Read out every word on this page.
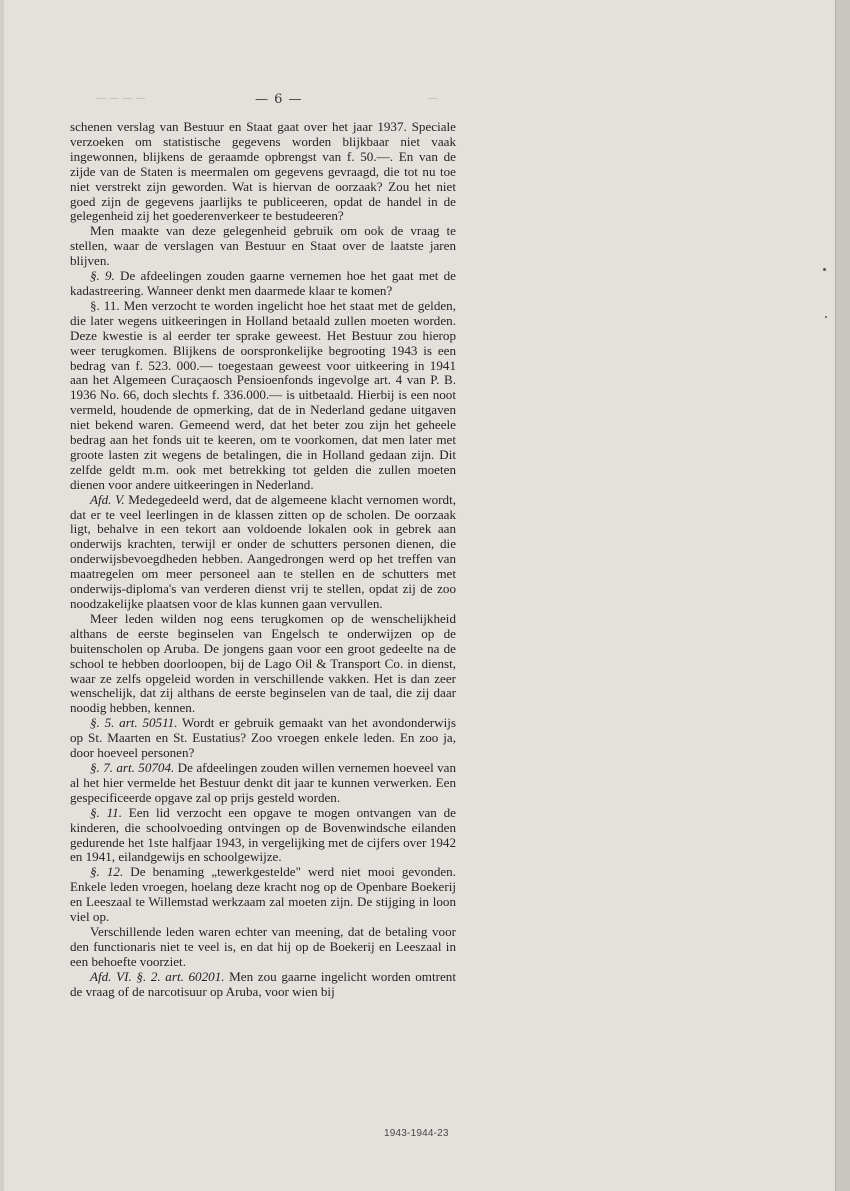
— — — —	—
— 6 —

schenen verslag van Bestuur en Staat gaat over het jaar 1937. Speciale verzoeken om statistische gegevens worden blijkbaar niet vaak ingewonnen, blijkens de geraamde opbrengst van f. 50.—. En van de zijde van de Staten is meermalen om gegevens gevraagd, die tot nu toe niet verstrekt zijn geworden. Wat is hiervan de oorzaak? Zou het niet goed zijn de gegevens jaarlijks te publiceeren, opdat de handel in de gelegenheid zij het goederenverkeer te bestudeeren?

Men maakte van deze gelegenheid gebruik om ook de vraag te stellen, waar de verslagen van Bestuur en Staat over de laatste jaren blijven.

§. 9. De afdeelingen zouden gaarne vernemen hoe het gaat met de kadastreering. Wanneer denkt men daarmede klaar te komen?

§. 11. Men verzocht te worden ingelicht hoe het staat met de gelden, die later wegens uitkeeringen in Holland betaald zullen moeten worden. Deze kwestie is al eerder ter sprake geweest. Het Bestuur zou hierop weer terugkomen. Blijkens de oorspronkelijke begrooting 1943 is een bedrag van f. 523. 000.— toegestaan geweest voor uitkeering in 1941 aan het Algemeen Curaçaosch Pensioenfonds ingevolge art. 4 van P. B. 1936 No. 66, doch slechts f. 336.000.— is uitbetaald. Hierbij is een noot vermeld, houdende de opmerking, dat de in Nederland gedane uitgaven niet bekend waren. Gemeend werd, dat het beter zou zijn het geheele bedrag aan het fonds uit te keeren, om te voorkomen, dat men later met groote lasten zit wegens de betalingen, die in Holland gedaan zijn. Dit zelfde geldt m.m. ook met betrekking tot gelden die zullen moeten dienen voor andere uitkeeringen in Nederland.

Afd. V. Medegedeeld werd, dat de algemeene klacht vernomen wordt, dat er te veel leerlingen in de klassen zitten op de scholen. De oorzaak ligt, behalve in een tekort aan voldoende lokalen ook in gebrek aan onderwijs krachten, terwijl er onder de schutters personen dienen, die onderwijsbevoegdheden hebben. Aangedrongen werd op het treffen van maatregelen om meer personeel aan te stellen en de schutters met onderwijs-diploma's van verderen dienst vrij te stellen, opdat zij de zoo noodzakelijke plaatsen voor de klas kunnen gaan vervullen.

Meer leden wilden nog eens terugkomen op de wenschelijkheid althans de eerste beginselen van Engelsch te onderwijzen op de buitenscholen op Aruba. De jongens gaan voor een groot gedeelte na de school te hebben doorloopen, bij de Lago Oil & Transport Co. in dienst, waar ze zelfs opgeleid worden in verschillende vakken. Het is dan zeer wenschelijk, dat zij althans de eerste beginselen van de taal, die zij daar noodig hebben, kennen.

§. 5. art. 50511. Wordt er gebruik gemaakt van het avondonderwijs op St. Maarten en St. Eustatius? Zoo vroegen enkele leden. En zoo ja, door hoeveel personen?

§. 7. art. 50704. De afdeelingen zouden willen vernemen hoeveel van al het hier vermelde het Bestuur denkt dit jaar te kunnen verwerken. Een gespecificeerde opgave zal op prijs gesteld worden.

§. 11. Een lid verzocht een opgave te mogen ontvangen van de kinderen, die schoolvoeding ontvingen op de Bovenwindsche eilanden gedurende het 1ste halfjaar 1943, in vergelijking met de cijfers over 1942 en 1941, eilandgewijs en schoolgewijze.

§. 12. De benaming „tewerkgestelde" werd niet mooi gevonden. Enkele leden vroegen, hoelang deze kracht nog op de Openbare Boekerij en Leeszaal te Willemstad werkzaam zal moeten zijn. De stijging in loon viel op.

Verschillende leden waren echter van meening, dat de betaling voor den functionaris niet te veel is, en dat hij op de Boekerij en Leeszaal in een behoefte voorziet.

Afd. VI. §. 2. art. 60201. Men zou gaarne ingelicht worden omtrent de vraag of de narcotisuur op Aruba, voor wien bij

1943-1944-23
